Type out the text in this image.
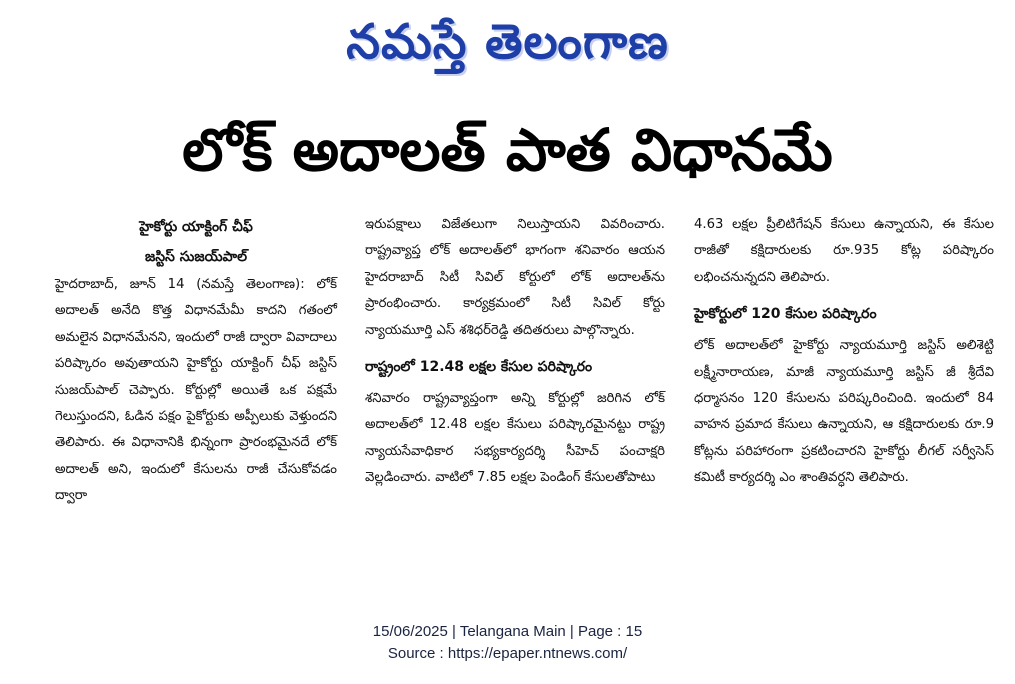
నమస్తే తెలంగాణ
లోక్ అదాలత్ పాత విధానమే
హైకోర్టు యాక్టింగ్ చీఫ్
జస్టిస్ సుజయ్‌పాల్

హైదరాబాద్, జూన్ 14 (నమస్తే తెలంగాణ): లోక్ అదాలత్ అనేది కొత్త విధానమేమీ కాదని గతంలో అమలైన విధానమేనని, ఇందులో రాజీ ద్వారా వివాదాలు పరిష్కారం అవుతాయని హైకోర్టు యాక్టింగ్ చీఫ్ జస్టిస్ సుజయ్‌పాల్ చెప్పారు. కోర్టుల్లో అయితే ఒక పక్షమే గెలుస్తుందని, ఓడిన పక్షం పైకోర్టుకు అప్పీలుకు వెళ్తుందని తెలిపారు. ఈ విధానానికి భిన్నంగా ప్రారంభమైనదే లోక్ అదాలత్ అని, ఇందులో కేసులను రాజీ చేసుకోవడం ద్వారా

ఇరుపక్షాలు విజేతలుగా నిలుస్తాయని వివరించారు. రాష్ట్రవ్యాప్త లోక్ అదాలత్‌లో భాగంగా శనివారం ఆయన హైదరాబాద్ సిటీ సివిల్ కోర్టులో లోక్ అదాలత్‌ను ప్రారంభించారు. కార్యక్రమంలో సిటీ సివిల్ కోర్టు న్యాయమూర్తి ఎస్ శశిధర్‌రెడ్డి తదితరులు పాల్గొన్నారు.

రాష్ట్రంలో 12.48 లక్షల కేసుల పరిష్కారం

శనివారం రాష్ట్రవ్యాప్తంగా అన్ని కోర్టుల్లో జరిగిన లోక్ అదాలత్‌లో 12.48 లక్షల కేసులు పరిష్కారమైనట్టు రాష్ట్ర న్యాయసేవాధికార సభ్యకార్యదర్శి సీహెచ్ పంచాక్షరి వెల్లడించారు. వాటిలో 7.85 లక్షల పెండింగ్ కేసులతోపాటు

4.63 లక్షల ప్రీలిటిగేషన్ కేసులు ఉన్నాయని, ఈ కేసుల రాజీతో కక్షిదారులకు రూ.935 కోట్ల పరిష్కారం లభించనున్నదని తెలిపారు.

హైకోర్టులో 120 కేసుల పరిష్కారం

లోక్ అదాలత్‌లో హైకోర్టు న్యాయమూర్తి జస్టిస్ అలిశెట్టి లక్ష్మీనారాయణ, మాజీ న్యాయమూర్తి జస్టిస్ జీ శ్రీదేవి ధర్మాసనం 120 కేసులను పరిష్కరించింది. ఇందులో 84 వాహన ప్రమాద కేసులు ఉన్నాయని, ఆ కక్షిదారులకు రూ.9 కోట్లను పరిహారంగా ప్రకటించారని హైకోర్టు లీగల్ సర్వీసెస్ కమిటీ కార్యదర్శి ఎం శాంతివర్ధని తెలిపారు.

15/06/2025 | Telangana Main | Page : 15
Source : https://epaper.ntnews.com/
